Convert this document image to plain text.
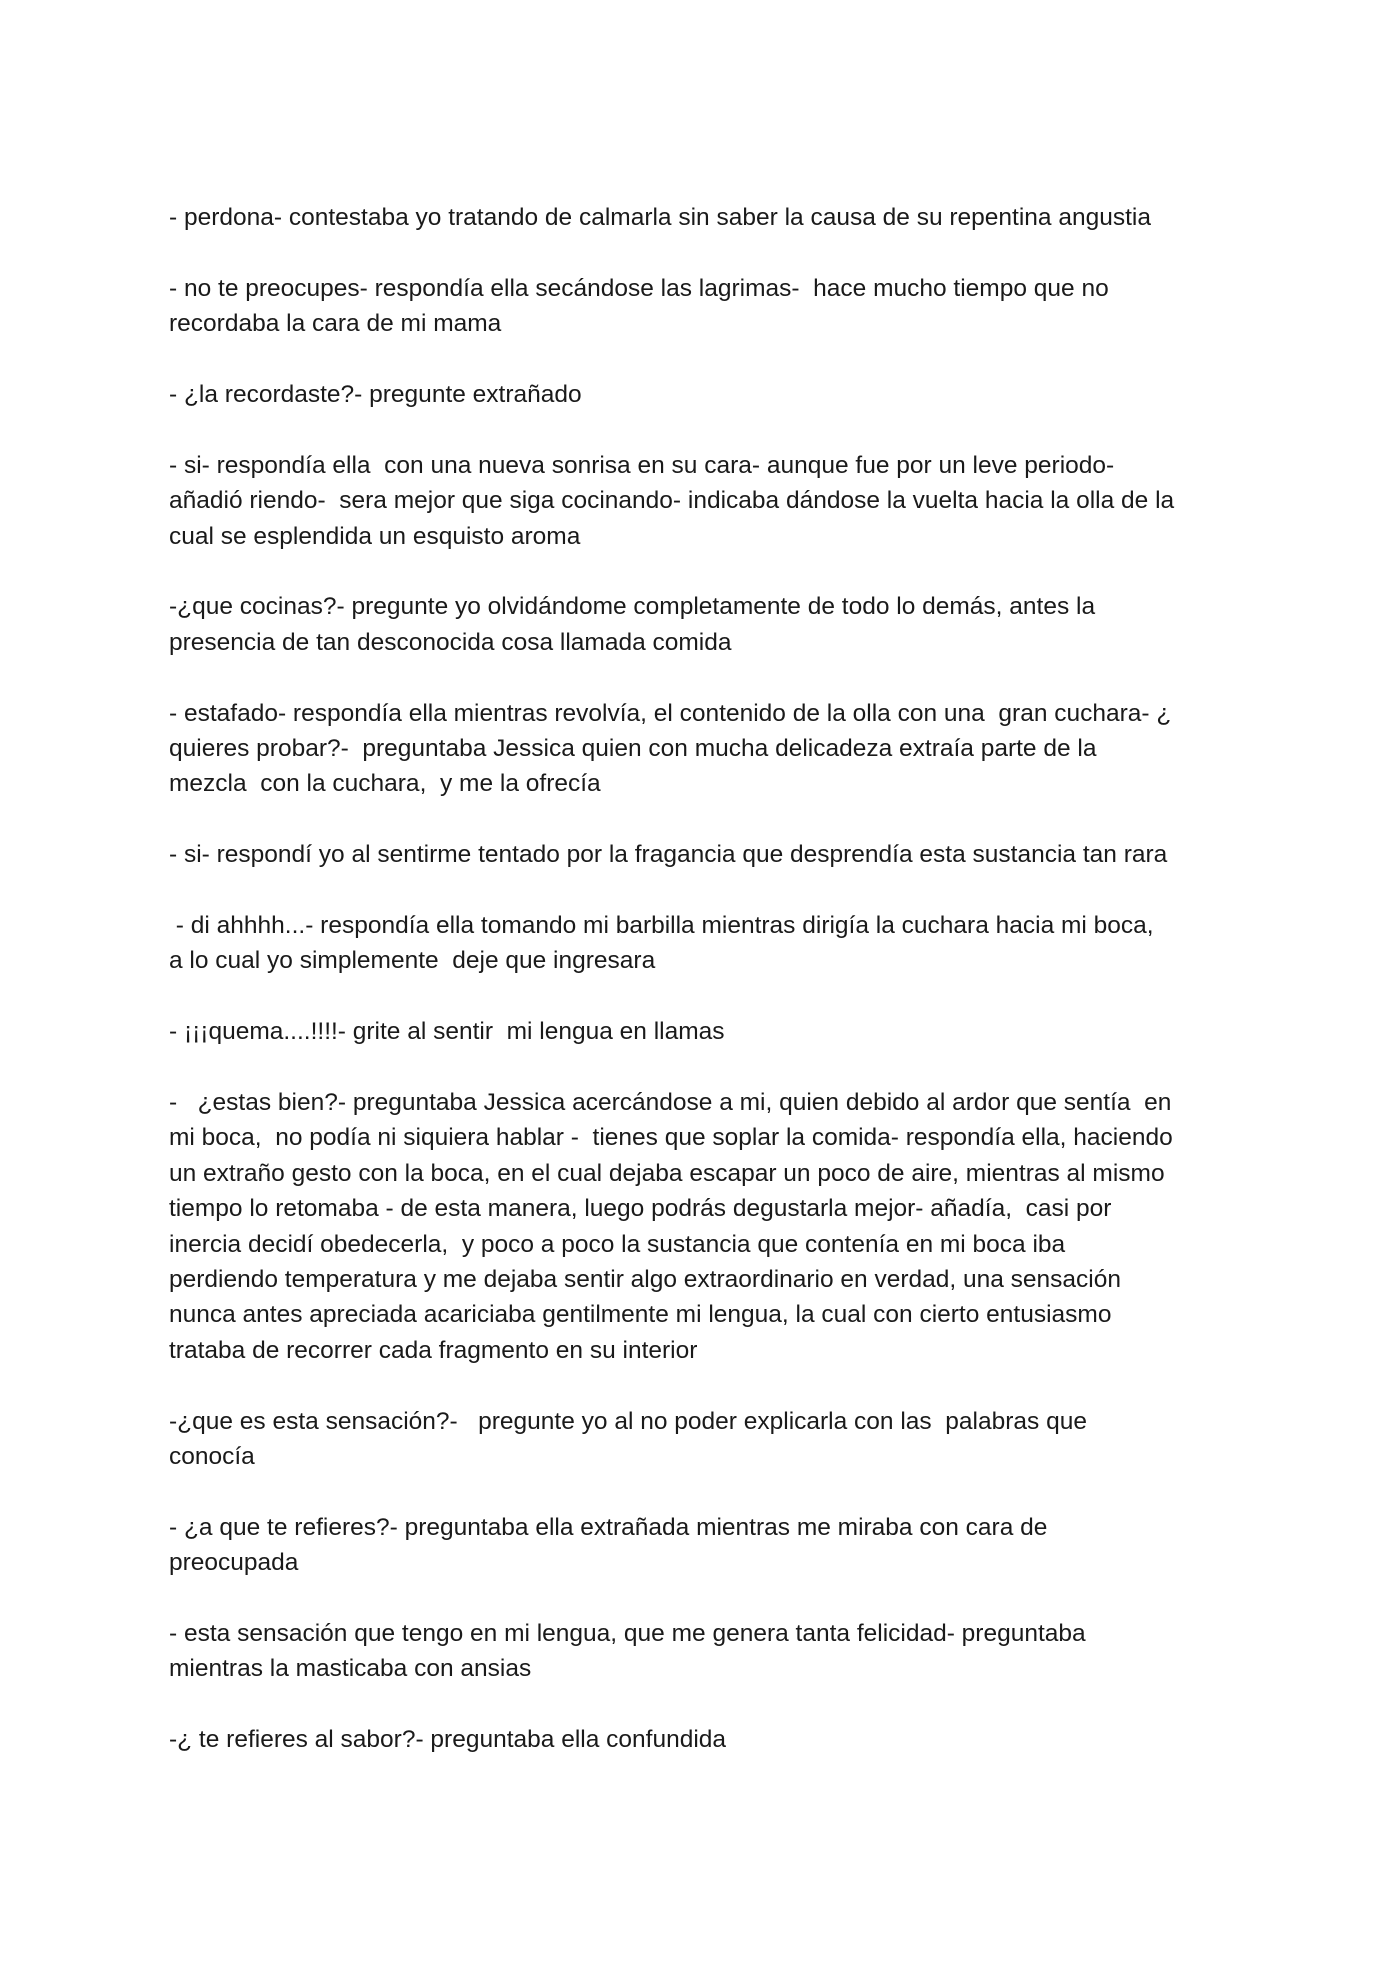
- perdona- contestaba yo tratando de calmarla sin saber la causa de su repentina angustia

- no te preocupes- respondía ella secándose las lagrimas-  hace mucho tiempo que no
recordaba la cara de mi mama

- ¿la recordaste?- pregunte extrañado

- si- respondía ella  con una nueva sonrisa en su cara- aunque fue por un leve periodo-
añadió riendo-  sera mejor que siga cocinando- indicaba dándose la vuelta hacia la olla de la
cual se esplendida un esquisto aroma

-¿que cocinas?- pregunte yo olvidándome completamente de todo lo demás, antes la
presencia de tan desconocida cosa llamada comida

- estafado- respondía ella mientras revolvía, el contenido de la olla con una  gran cuchara- ¿
quieres probar?-  preguntaba Jessica quien con mucha delicadeza extraía parte de la
mezcla  con la cuchara,  y me la ofrecía

- si- respondí yo al sentirme tentado por la fragancia que desprendía esta sustancia tan rara

- di ahhhh...- respondía ella tomando mi barbilla mientras dirigía la cuchara hacia mi boca,
a lo cual yo simplemente  deje que ingresara

- ¡¡¡quema....!!!!- grite al sentir  mi lengua en llamas

-   ¿estas bien?- preguntaba Jessica acercándose a mi, quien debido al ardor que sentía  en
mi boca,  no podía ni siquiera hablar -  tienes que soplar la comida- respondía ella, haciendo
un extraño gesto con la boca, en el cual dejaba escapar un poco de aire, mientras al mismo
tiempo lo retomaba - de esta manera, luego podrás degustarla mejor- añadía,  casi por
inercia decidí obedecerla,  y poco a poco la sustancia que contenía en mi boca iba
perdiendo temperatura y me dejaba sentir algo extraordinario en verdad, una sensación
nunca antes apreciada acariciaba gentilmente mi lengua, la cual con cierto entusiasmo
trataba de recorrer cada fragmento en su interior

-¿que es esta sensación?-   pregunte yo al no poder explicarla con las  palabras que
conocía

- ¿a que te refieres?- preguntaba ella extrañada mientras me miraba con cara de
preocupada

- esta sensación que tengo en mi lengua, que me genera tanta felicidad- preguntaba
mientras la masticaba con ansias

-¿ te refieres al sabor?- preguntaba ella confundida
